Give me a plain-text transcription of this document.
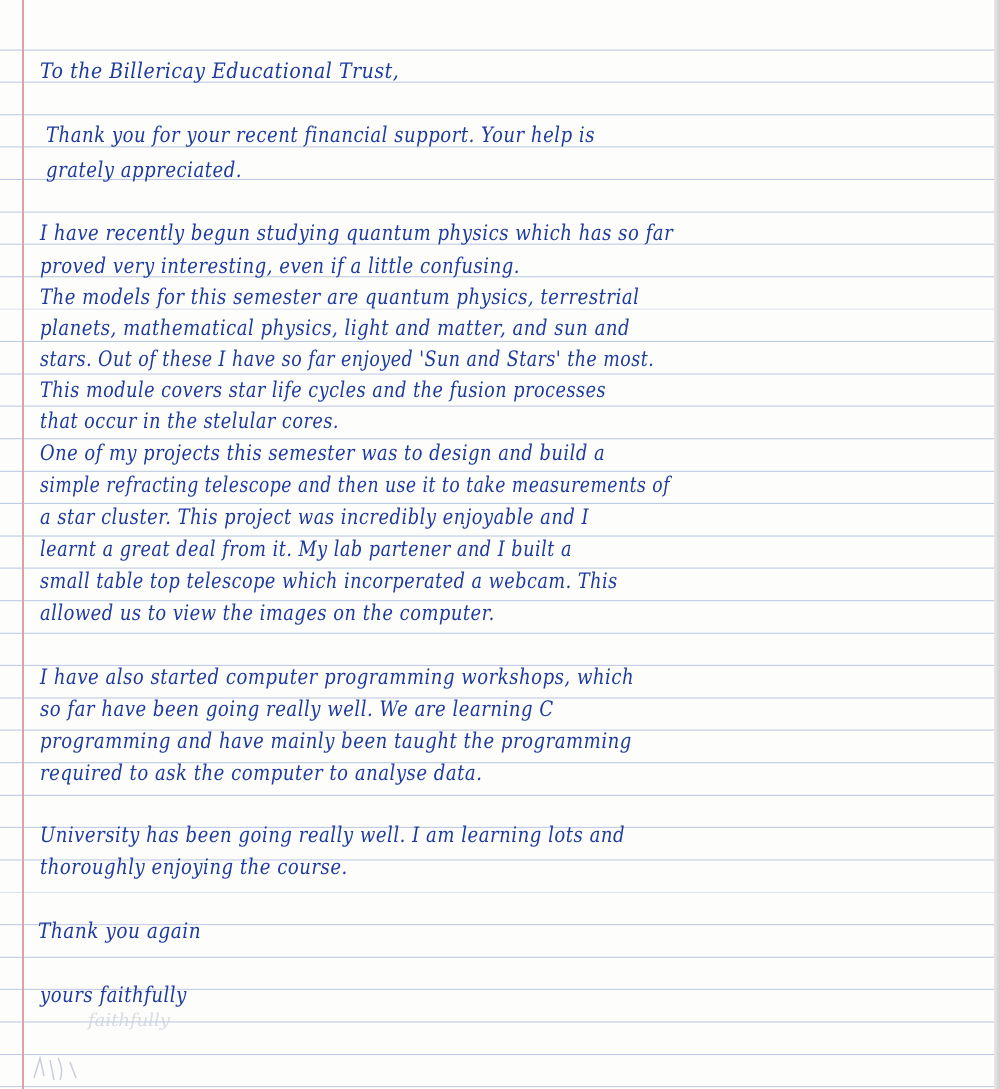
To the Billericay Educational Trust,
Thank you for your recent financial support. Your help is
grately appreciated.
I have recently begun studying quantum physics which has so far
proved very interesting, even if a little confusing.
The models for this semester are quantum physics, terrestrial
planets, mathematical physics, light and matter, and sun and
stars. Out of these I have so far enjoyed 'Sun and Stars' the most.
This module covers star life cycles and the fusion processes
that occur in the stelular cores.
One of my projects this semester was to design and build a
simple refracting telescope and then use it to take measurements of
a star cluster. This project was incredibly enjoyable and I
learnt a great deal from it. My lab partener and I built a
small table top telescope which incorperated a webcam. This
allowed us to view the images on the computer.
I have also started computer programming workshops, which
so far have been going really well. We are learning C
programming and have mainly been taught the programming
required to ask the computer to analyse data.
University has been going really well. I am learning lots and
thoroughly enjoying the course.
Thank you again
yours faithfully
faithfully
